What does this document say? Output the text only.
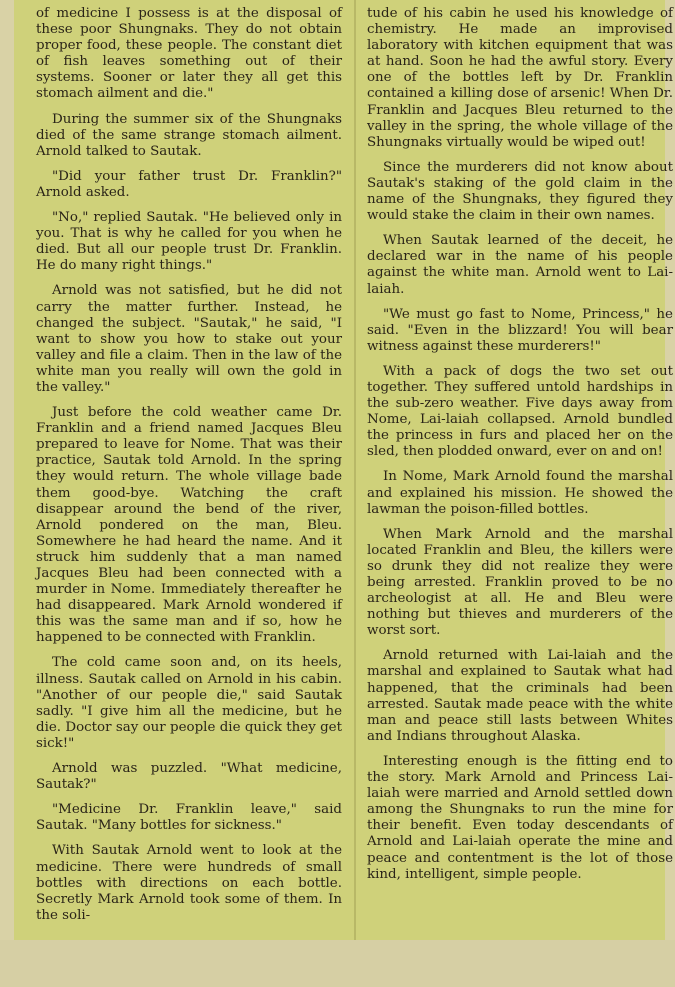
of medicine I possess is at the disposal of these poor Shungnaks. They do not obtain proper food, these people. The constant diet of fish leaves something out of their systems. Sooner or later they all get this stomach ailment and die."

During the summer six of the Shungnaks died of the same strange stomach ailment. Arnold talked to Sautak.

"Did your father trust Dr. Franklin?" Arnold asked.

"No," replied Sautak. "He believed only in you. That is why he called for you when he died. But all our people trust Dr. Franklin. He do many right things."

Arnold was not satisfied, but he did not carry the matter further. Instead, he changed the subject. "Sautak," he said, "I want to show you how to stake out your valley and file a claim. Then in the law of the white man you really will own the gold in the valley."

Just before the cold weather came Dr. Franklin and a friend named Jacques Bleu prepared to leave for Nome. That was their practice, Sautak told Arnold. In the spring they would return. The whole village bade them good-bye. Watching the craft disappear around the bend of the river, Arnold pondered on the man, Bleu. Somewhere he had heard the name. And it struck him suddenly that a man named Jacques Bleu had been connected with a murder in Nome. Immediately thereafter he had disappeared. Mark Arnold wondered if this was the same man and if so, how he happened to be connected with Franklin.

The cold came soon and, on its heels, illness. Sautak called on Arnold in his cabin. "Another of our people die," said Sautak sadly. "I give him all the medicine, but he die. Doctor say our people die quick they get sick!"

Arnold was puzzled. "What medicine, Sautak?"

"Medicine Dr. Franklin leave," said Sautak. "Many bottles for sickness."

With Sautak Arnold went to look at the medicine. There were hundreds of small bottles with directions on each bottle. Secretly Mark Arnold took some of them. In the soli-

tude of his cabin he used his knowledge of chemistry. He made an improvised laboratory with kitchen equipment that was at hand. Soon he had the awful story. Every one of the bottles left by Dr. Franklin contained a killing dose of arsenic! When Dr. Franklin and Jacques Bleu returned to the valley in the spring, the whole village of the Shungnaks virtually would be wiped out!

Since the murderers did not know about Sautak's staking of the gold claim in the name of the Shungnaks, they figured they would stake the claim in their own names.

When Sautak learned of the deceit, he declared war in the name of his people against the white man. Arnold went to Lai-laiah.

"We must go fast to Nome, Princess," he said. "Even in the blizzard! You will bear witness against these murderers!"

With a pack of dogs the two set out together. They suffered untold hardships in the sub-zero weather. Five days away from Nome, Lai-laiah collapsed. Arnold bundled the princess in furs and placed her on the sled, then plodded onward, ever on and on!

In Nome, Mark Arnold found the marshal and explained his mission. He showed the lawman the poison-filled bottles.

When Mark Arnold and the marshal located Franklin and Bleu, the killers were so drunk they did not realize they were being arrested. Franklin proved to be no archeologist at all. He and Bleu were nothing but thieves and murderers of the worst sort.

Arnold returned with Lai-laiah and the marshal and explained to Sautak what had happened, that the criminals had been arrested. Sautak made peace with the white man and peace still lasts between Whites and Indians throughout Alaska.

Interesting enough is the fitting end to the story. Mark Arnold and Princess Lai-laiah were married and Arnold settled down among the Shungnaks to run the mine for their benefit. Even today descendants of Arnold and Lai-laiah operate the mine and peace and contentment is the lot of those kind, intelligent, simple people.
